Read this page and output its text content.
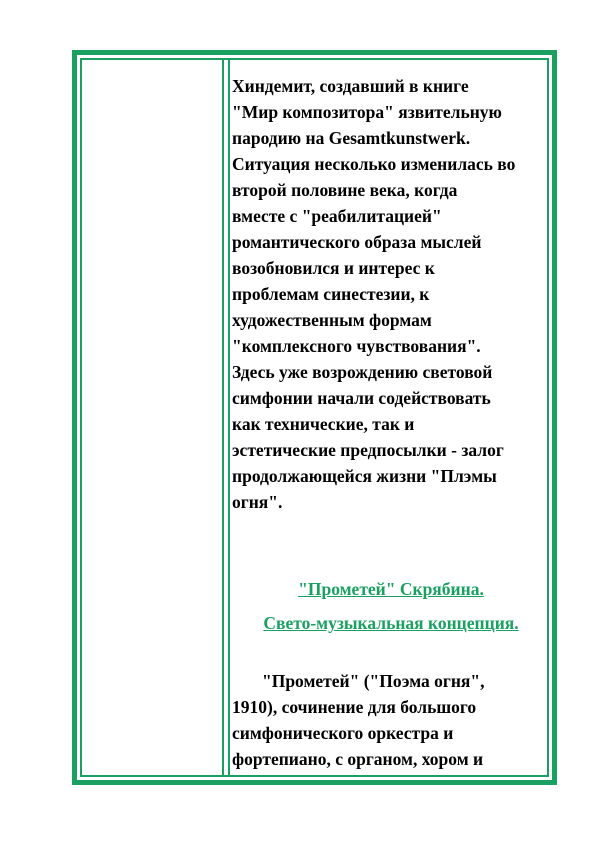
Хиндемит, создавший в книге
"Мир композитора" язвительную
пародию на Gesamtkunstwerk.
Ситуация несколько изменилась во
второй половине века, когда
вместе с "реабилитацией"
романтического образа мыслей
возобновился и интерес к
проблемам синестезии, к
художественным формам
"комплексного чувствования".
Здесь уже возрождению световой
симфонии начали содействовать
как технические, так и
эстетические предпосылки - залог
продолжающейся жизни "Плэмы
огня".

"Прометей" Скрябина.
Свето-музыкальная концепция.
"Прометей" ("Поэма огня",
1910), сочинение для большого
симфонического оркестра и
фортепиано, с органом, хором и
